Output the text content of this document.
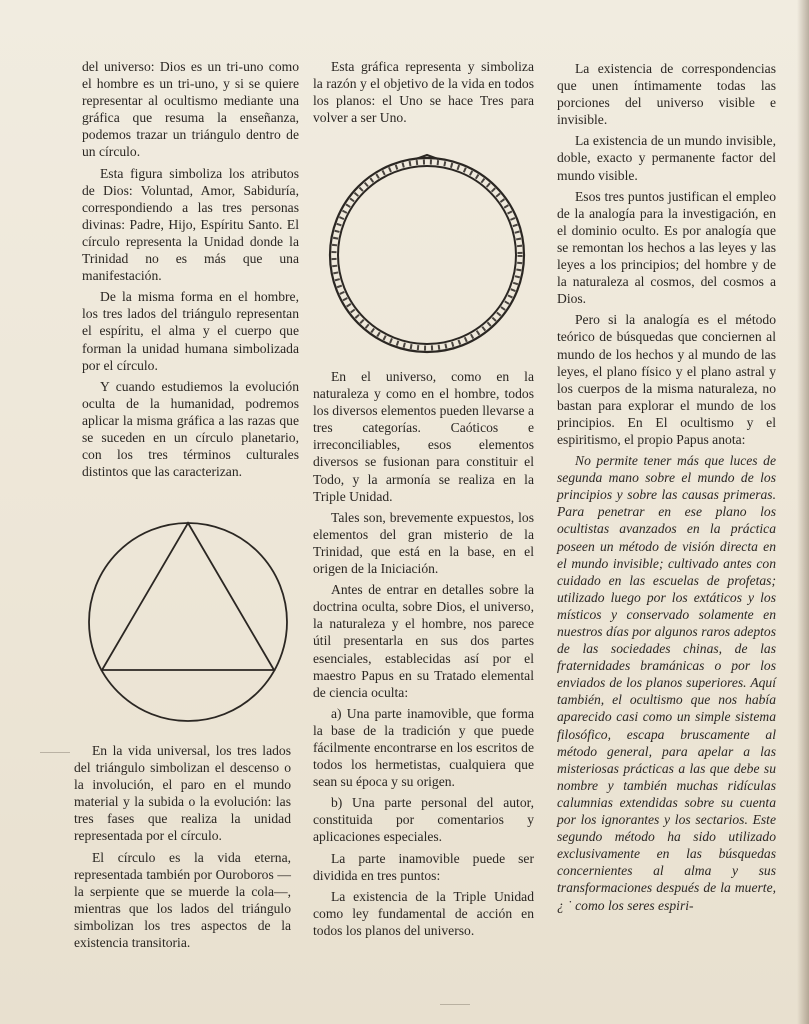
del universo: Dios es un tri-uno como el hombre es un tri-uno, y si se quiere representar al ocultismo mediante una gráfica que resuma la enseñanza, podemos trazar un triángulo dentro de un círculo.

Esta figura simboliza los atributos de Dios: Voluntad, Amor, Sabiduría, correspondiendo a las tres personas divinas: Padre, Hijo, Espíritu Santo. El círculo representa la Unidad donde la Trinidad no es más que una manifestación.

De la misma forma en el hombre, los tres lados del triángulo representan el espíritu, el alma y el cuerpo que forman la unidad humana simbolizada por el círculo.

Y cuando estudiemos la evolución oculta de la humanidad, podremos aplicar la misma gráfica a las razas que se suceden en un círculo planetario, con los tres términos culturales distintos que las caracterizan.

En la vida universal, los tres lados del triángulo simbolizan el descenso o la involución, el paro en el mundo material y la subida o la evolución: las tres fases que realiza la unidad representada por el círculo.

El círculo es la vida eterna, representada también por Ouroboros —la serpiente que se muerde la cola—, mientras que los lados del triángulo simbolizan los tres aspectos de la existencia transitoria.

Esta gráfica representa y simboliza la razón y el objetivo de la vida en todos los planos: el Uno se hace Tres para volver a ser Uno.

En el universo, como en la naturaleza y como en el hombre, todos los diversos elementos pueden llevarse a tres categorías. Caóticos e irreconciliables, esos elementos diversos se fusionan para constituir el Todo, y la armonía se realiza en la Triple Unidad.

Tales son, brevemente expuestos, los elementos del gran misterio de la Trinidad, que está en la base, en el origen de la Iniciación.

Antes de entrar en detalles sobre la doctrina oculta, sobre Dios, el universo, la naturaleza y el hombre, nos parece útil presentarla en sus dos partes esenciales, establecidas así por el maestro Papus en su Tratado elemental de ciencia oculta:

a) Una parte inamovible, que forma la base de la tradición y que puede fácilmente encontrarse en los escritos de todos los hermetistas, cualquiera que sean su época y su origen.

b) Una parte personal del autor, constituida por comentarios y aplicaciones especiales.

La parte inamovible puede ser dividida en tres puntos:

La existencia de la Triple Unidad como ley fundamental de acción en todos los planos del universo.

La existencia de correspondencias que unen íntimamente todas las porciones del universo visible e invisible.

La existencia de un mundo invisible, doble, exacto y permanente factor del mundo visible.

Esos tres puntos justifican el empleo de la analogía para la investigación, en el dominio oculto. Es por analogía que se remontan los hechos a las leyes y las leyes a los principios; del hombre y de la naturaleza al cosmos, del cosmos a Dios.

Pero si la analogía es el método teórico de búsquedas que conciernen al mundo de los hechos y al mundo de las leyes, el plano físico y el plano astral y los cuerpos de la misma naturaleza, no bastan para explorar el mundo de los principios. En El ocultismo y el espiritismo, el propio Papus anota:

No permite tener más que luces de segunda mano sobre el mundo de los principios y sobre las causas primeras. Para penetrar en ese plano los ocultistas avanzados en la práctica poseen un método de visión directa en el mundo invisible; cultivado antes con cuidado en las escuelas de profetas; utilizado luego por los extáticos y los místicos y conservado solamente en nuestros días por algunos raros adeptos de las sociedades chinas, de las fraternidades bramánicas o por los enviados de los planos superiores. Aquí también, el ocultismo que nos había aparecido casi como un simple sistema filosófico, escapa bruscamente al método general, para apelar a las misteriosas prácticas a las que debe su nombre y también muchas ridículas calumnias extendidas sobre su cuenta por los ignorantes y los sectarios. Este segundo método ha sido utilizado exclusivamente en las búsquedas concernientes al alma y sus transformaciones después de la muerte, ¿ ˙ como los seres espiri-
